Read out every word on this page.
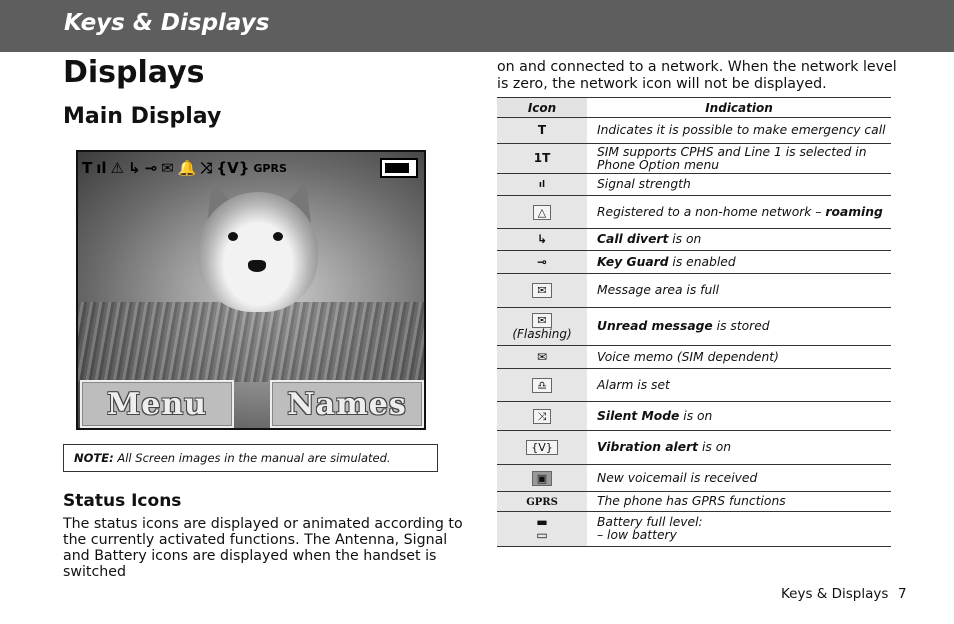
Keys & Displays
Displays
Main Display
T ıl ⚠ ↳ ⊸ ✉ 🔔 ⤨ {V} GPRS
Menu	Names
NOTE: All Screen images in the manual are simulated.
Status Icons
The status icons are displayed or animated according to the currently activated functions. The Antenna, Signal and Battery icons are displayed when the handset is switched
on and connected to a network. When the network level is zero, the network icon will not be displayed.
Icon	Indication
T	Indicates it is possible to make emergency call
1T	SIM supports CPHS and Line 1 is selected in Phone Option menu
ıl	Signal strength
△	Registered to a non-home network – roaming
↳	Call divert is on
⊸	Key Guard is enabled
✉	Message area is full
✉
(Flashing)	Unread message is stored
✉	Voice memo (SIM dependent)
♎	Alarm is set
⤨	Silent Mode is on
{V}	Vibration alert is on
▣	New voicemail is received
GPRS	The phone has GPRS functions

▬
▭	Battery full level:
– low battery
Keys & Displays 7
